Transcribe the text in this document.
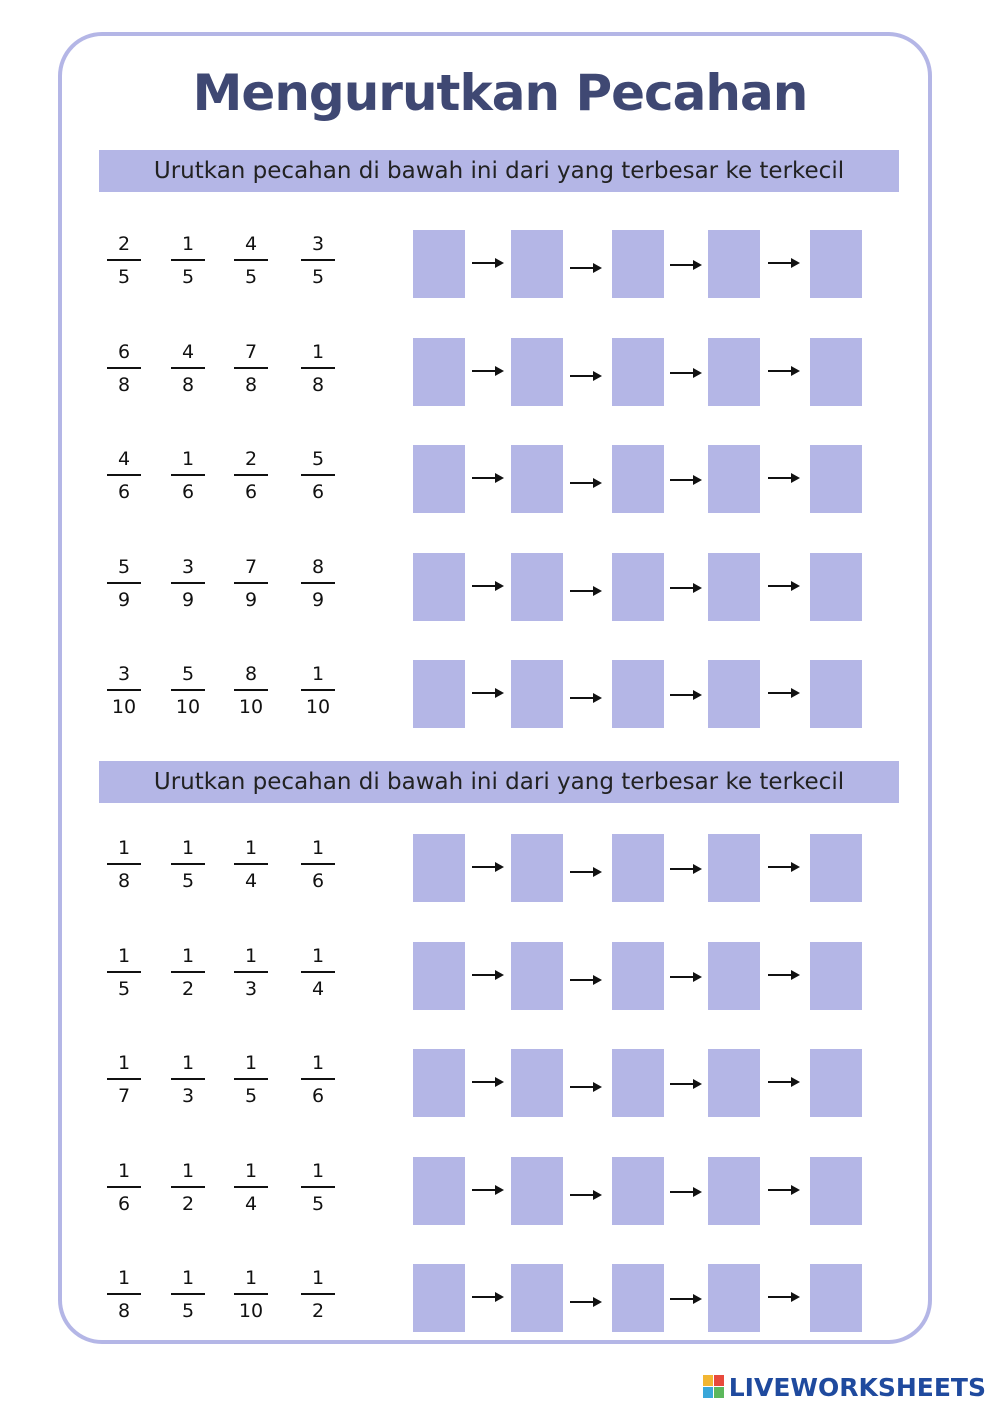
Mengurutkan Pecahan
Urutkan pecahan di bawah ini dari yang terbesar ke terkecil
Urutkan pecahan di bawah ini dari yang terbesar ke terkecil
2
5
1
5
4
5
3
5
6
8
4
8
7
8
1
8
4
6
1
6
2
6
5
6
5
9
3
9
7
9
8
9
3
10
5
10
8
10
1
10
1
8
1
5
1
4
1
6
1
5
1
2
1
3
1
4
1
7
1
3
1
5
1
6
1
6
1
2
1
4
1
5
1
8
1
5
1
10
1
2
LIVEWORKSHEETS
